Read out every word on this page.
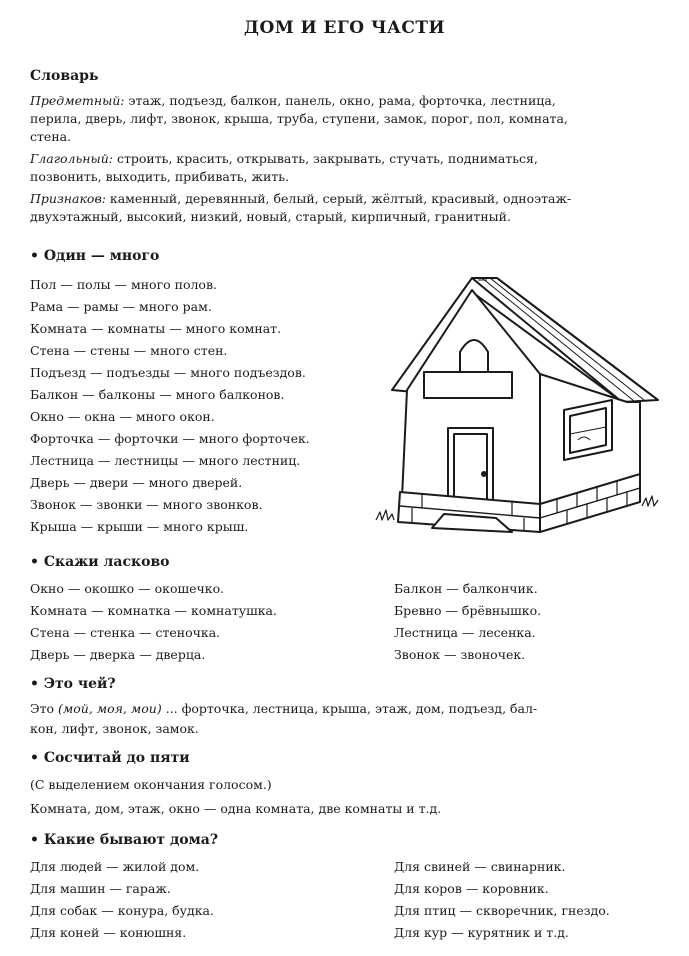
ДОМ И ЕГО ЧАСТИ
Словарь
Предметный: этаж, подъезд, балкон, панель, окно, рама, форточка, лестница,
перила, дверь, лифт, звонок, крыша, труба, ступени, замок, порог, пол, комната,
стена.
Глагольный: строить, красить, открывать, закрывать, стучать, подниматься,
позвонить, выходить, прибивать, жить.
Признаков: каменный, деревянный, белый, серый, жёлтый, красивый, одноэтаж-
двухэтажный, высокий, низкий, новый, старый, кирпичный, гранитный.
• Один — много
Пол — полы — много полов.
Рама — рамы — много рам.
Комната — комнаты — много комнат.
Стена — стены — много стен.
Подъезд — подъезды — много подъездов.
Балкон — балконы — много балконов.
Окно — окна — много окон.
Форточка — форточки — много форточек.
Лестница — лестницы — много лестниц.
Дверь — двери — много дверей.
Звонок — звонки — много звонков.
Крыша — крыши — много крыш.
• Скажи ласково
Окно — окошко — окошечко.
Комната — комнатка — комнатушка.
Стена — стенка — стеночка.
Дверь — дверка — дверца.
Балкон — балкончик.
Бревно — брёвнышко.
Лестница — лесенка.
Звонок — звоночек.
• Это чей?
Это (мой, моя, мои) ... форточка, лестница, крыша, этаж, дом, подъезд, бал-
кон, лифт, звонок, замок.
• Сосчитай до пяти
(С выделением окончания голосом.)
Комната, дом, этаж, окно — одна комната, две комнаты и т.д.
• Какие бывают дома?
Для людей — жилой дом.
Для машин — гараж.
Для собак — конура, будка.
Для коней — конюшня.
Для свиней — свинарник.
Для коров — коровник.
Для птиц — скворечник, гнездо.
Для кур — курятник и т.д.
